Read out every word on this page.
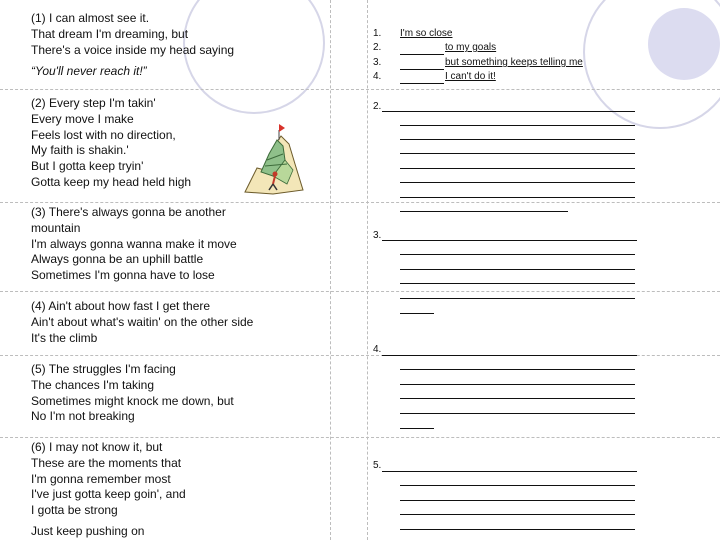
(1) I can almost see it.
That dream I'm dreaming, but
There's a voice inside my head saying
“You'll never reach it!”
(2) Every step I'm takin'
Every move I make
Feels lost with no direction,
My faith is shakin.'
But I gotta keep tryin'
Gotta keep my head held high
(3) There's always gonna be another
mountain
I'm always gonna wanna make it move
Always gonna be an uphill battle
Sometimes I'm gonna have to lose
(4) Ain't about how fast I get there
Ain't about what's waitin' on the other side
It's the climb
(5) The struggles I'm facing
The chances I'm taking
Sometimes might knock me down, but
No I'm not breaking
(6) I may not know it, but
These are the moments that
I'm gonna remember most
I've just gotta keep goin', and
I gotta be strong
Just keep pushing on
1. I'm so close
2.	to my goals
3.	but something keeps telling me
4.	I can't do it!
2.
3.
4.
5.
